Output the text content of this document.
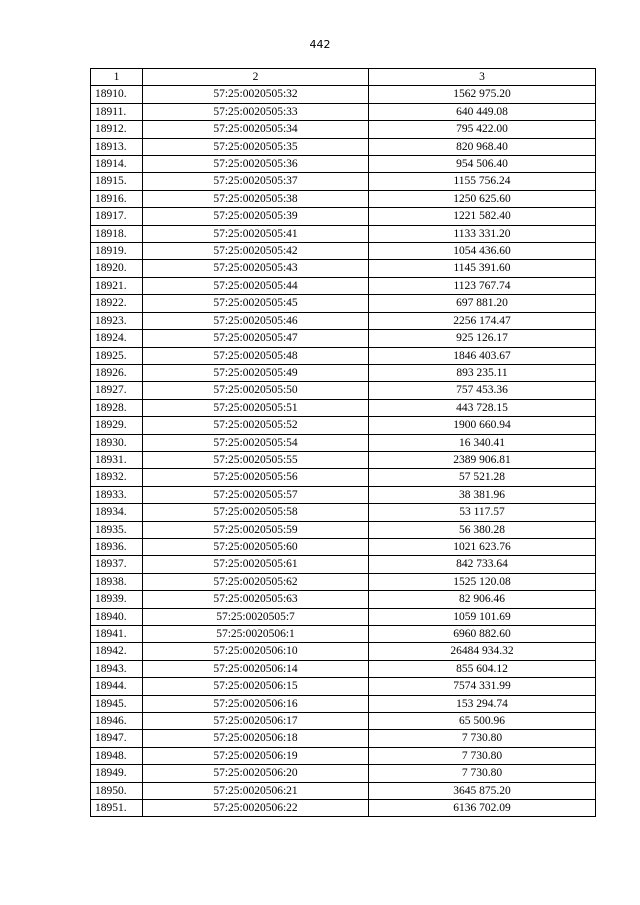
442
1	2	3
18910.	57:25:0020505:32	1562 975.20
18911.	57:25:0020505:33	640 449.08
18912.	57:25:0020505:34	795 422.00
18913.	57:25:0020505:35	820 968.40
18914.	57:25:0020505:36	954 506.40
18915.	57:25:0020505:37	1155 756.24
18916.	57:25:0020505:38	1250 625.60
18917.	57:25:0020505:39	1221 582.40
18918.	57:25:0020505:41	1133 331.20
18919.	57:25:0020505:42	1054 436.60
18920.	57:25:0020505:43	1145 391.60
18921.	57:25:0020505:44	1123 767.74
18922.	57:25:0020505:45	697 881.20
18923.	57:25:0020505:46	2256 174.47
18924.	57:25:0020505:47	925 126.17
18925.	57:25:0020505:48	1846 403.67
18926.	57:25:0020505:49	893 235.11
18927.	57:25:0020505:50	757 453.36
18928.	57:25:0020505:51	443 728.15
18929.	57:25:0020505:52	1900 660.94
18930.	57:25:0020505:54	16 340.41
18931.	57:25:0020505:55	2389 906.81
18932.	57:25:0020505:56	57 521.28
18933.	57:25:0020505:57	38 381.96
18934.	57:25:0020505:58	53 117.57
18935.	57:25:0020505:59	56 380.28
18936.	57:25:0020505:60	1021 623.76
18937.	57:25:0020505:61	842 733.64
18938.	57:25:0020505:62	1525 120.08
18939.	57:25:0020505:63	82 906.46
18940.	57:25:0020505:7	1059 101.69
18941.	57:25:0020506:1	6960 882.60
18942.	57:25:0020506:10	26484 934.32
18943.	57:25:0020506:14	855 604.12
18944.	57:25:0020506:15	7574 331.99
18945.	57:25:0020506:16	153 294.74
18946.	57:25:0020506:17	65 500.96
18947.	57:25:0020506:18	7 730.80
18948.	57:25:0020506:19	7 730.80
18949.	57:25:0020506:20	7 730.80
18950.	57:25:0020506:21	3645 875.20
18951.	57:25:0020506:22	6136 702.09
